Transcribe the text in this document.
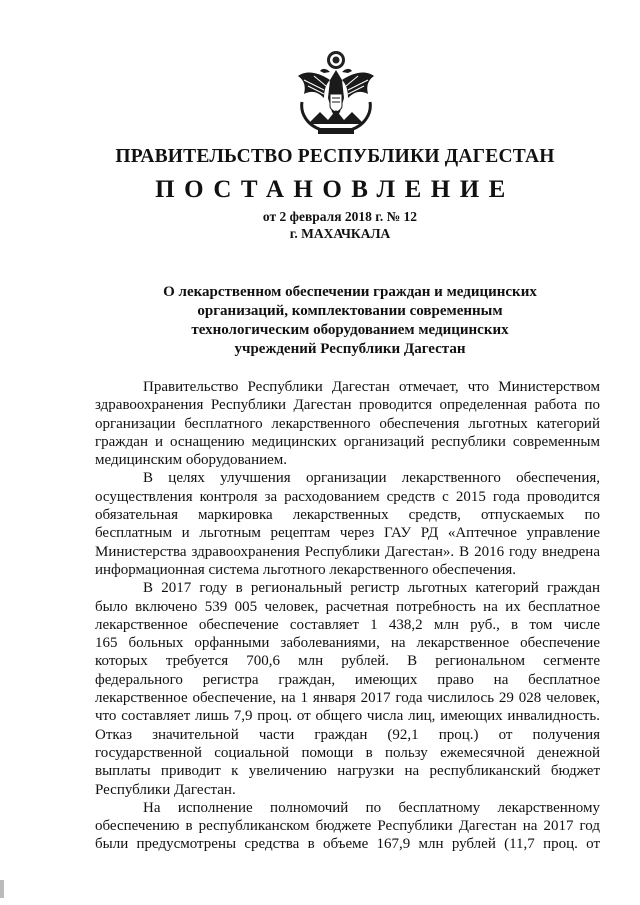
ПРАВИТЕЛЬСТВО РЕСПУБЛИКИ ДАГЕСТАН
ПОСТАНОВЛЕНИЕ
от 2 февраля 2018 г. № 12
г. МАХАЧКАЛА
О лекарственном обеспечении граждан и медицинских
организаций, комплектовании современным
технологическим оборудованием медицинских
учреждений Республики Дагестан
Правительство Республики Дагестан отмечает, что Министерством
здравоохранения Республики Дагестан проводится определенная работа по
организации бесплатного лекарственного обеспечения льготных категорий
граждан и оснащению медицинских организаций республики современным
медицинским оборудованием.
В целях улучшения организации лекарственного обеспечения,
осуществления контроля за расходованием средств с 2015 года проводится
обязательная маркировка лекарственных средств, отпускаемых по
бесплатным и льготным рецептам через ГАУ РД «Аптечное управление
Министерства здравоохранения Республики Дагестан». В 2016 году внедрена
информационная система льготного лекарственного обеспечения.
В 2017 году в региональный регистр льготных категорий граждан
было включено 539 005 человек, расчетная потребность на их бесплатное
лекарственное обеспечение составляет 1 438,2 млн руб., в том числе
165 больных орфанными заболеваниями, на лекарственное обеспечение
которых требуется 700,6 млн рублей. В региональном сегменте
федерального регистра граждан, имеющих право на бесплатное
лекарственное обеспечение, на 1 января 2017 года числилось 29 028 человек,
что составляет лишь 7,9 проц. от общего числа лиц, имеющих инвалидность.
Отказ значительной части граждан (92,1 проц.) от получения
государственной социальной помощи в пользу ежемесячной денежной
выплаты приводит к увеличению нагрузки на республиканский бюджет
Республики Дагестан.
На исполнение полномочий по бесплатному лекарственному
обеспечению в республиканском бюджете Республики Дагестан на 2017 год
были предусмотрены средства в объеме 167,9 млн рублей (11,7 проц. от
